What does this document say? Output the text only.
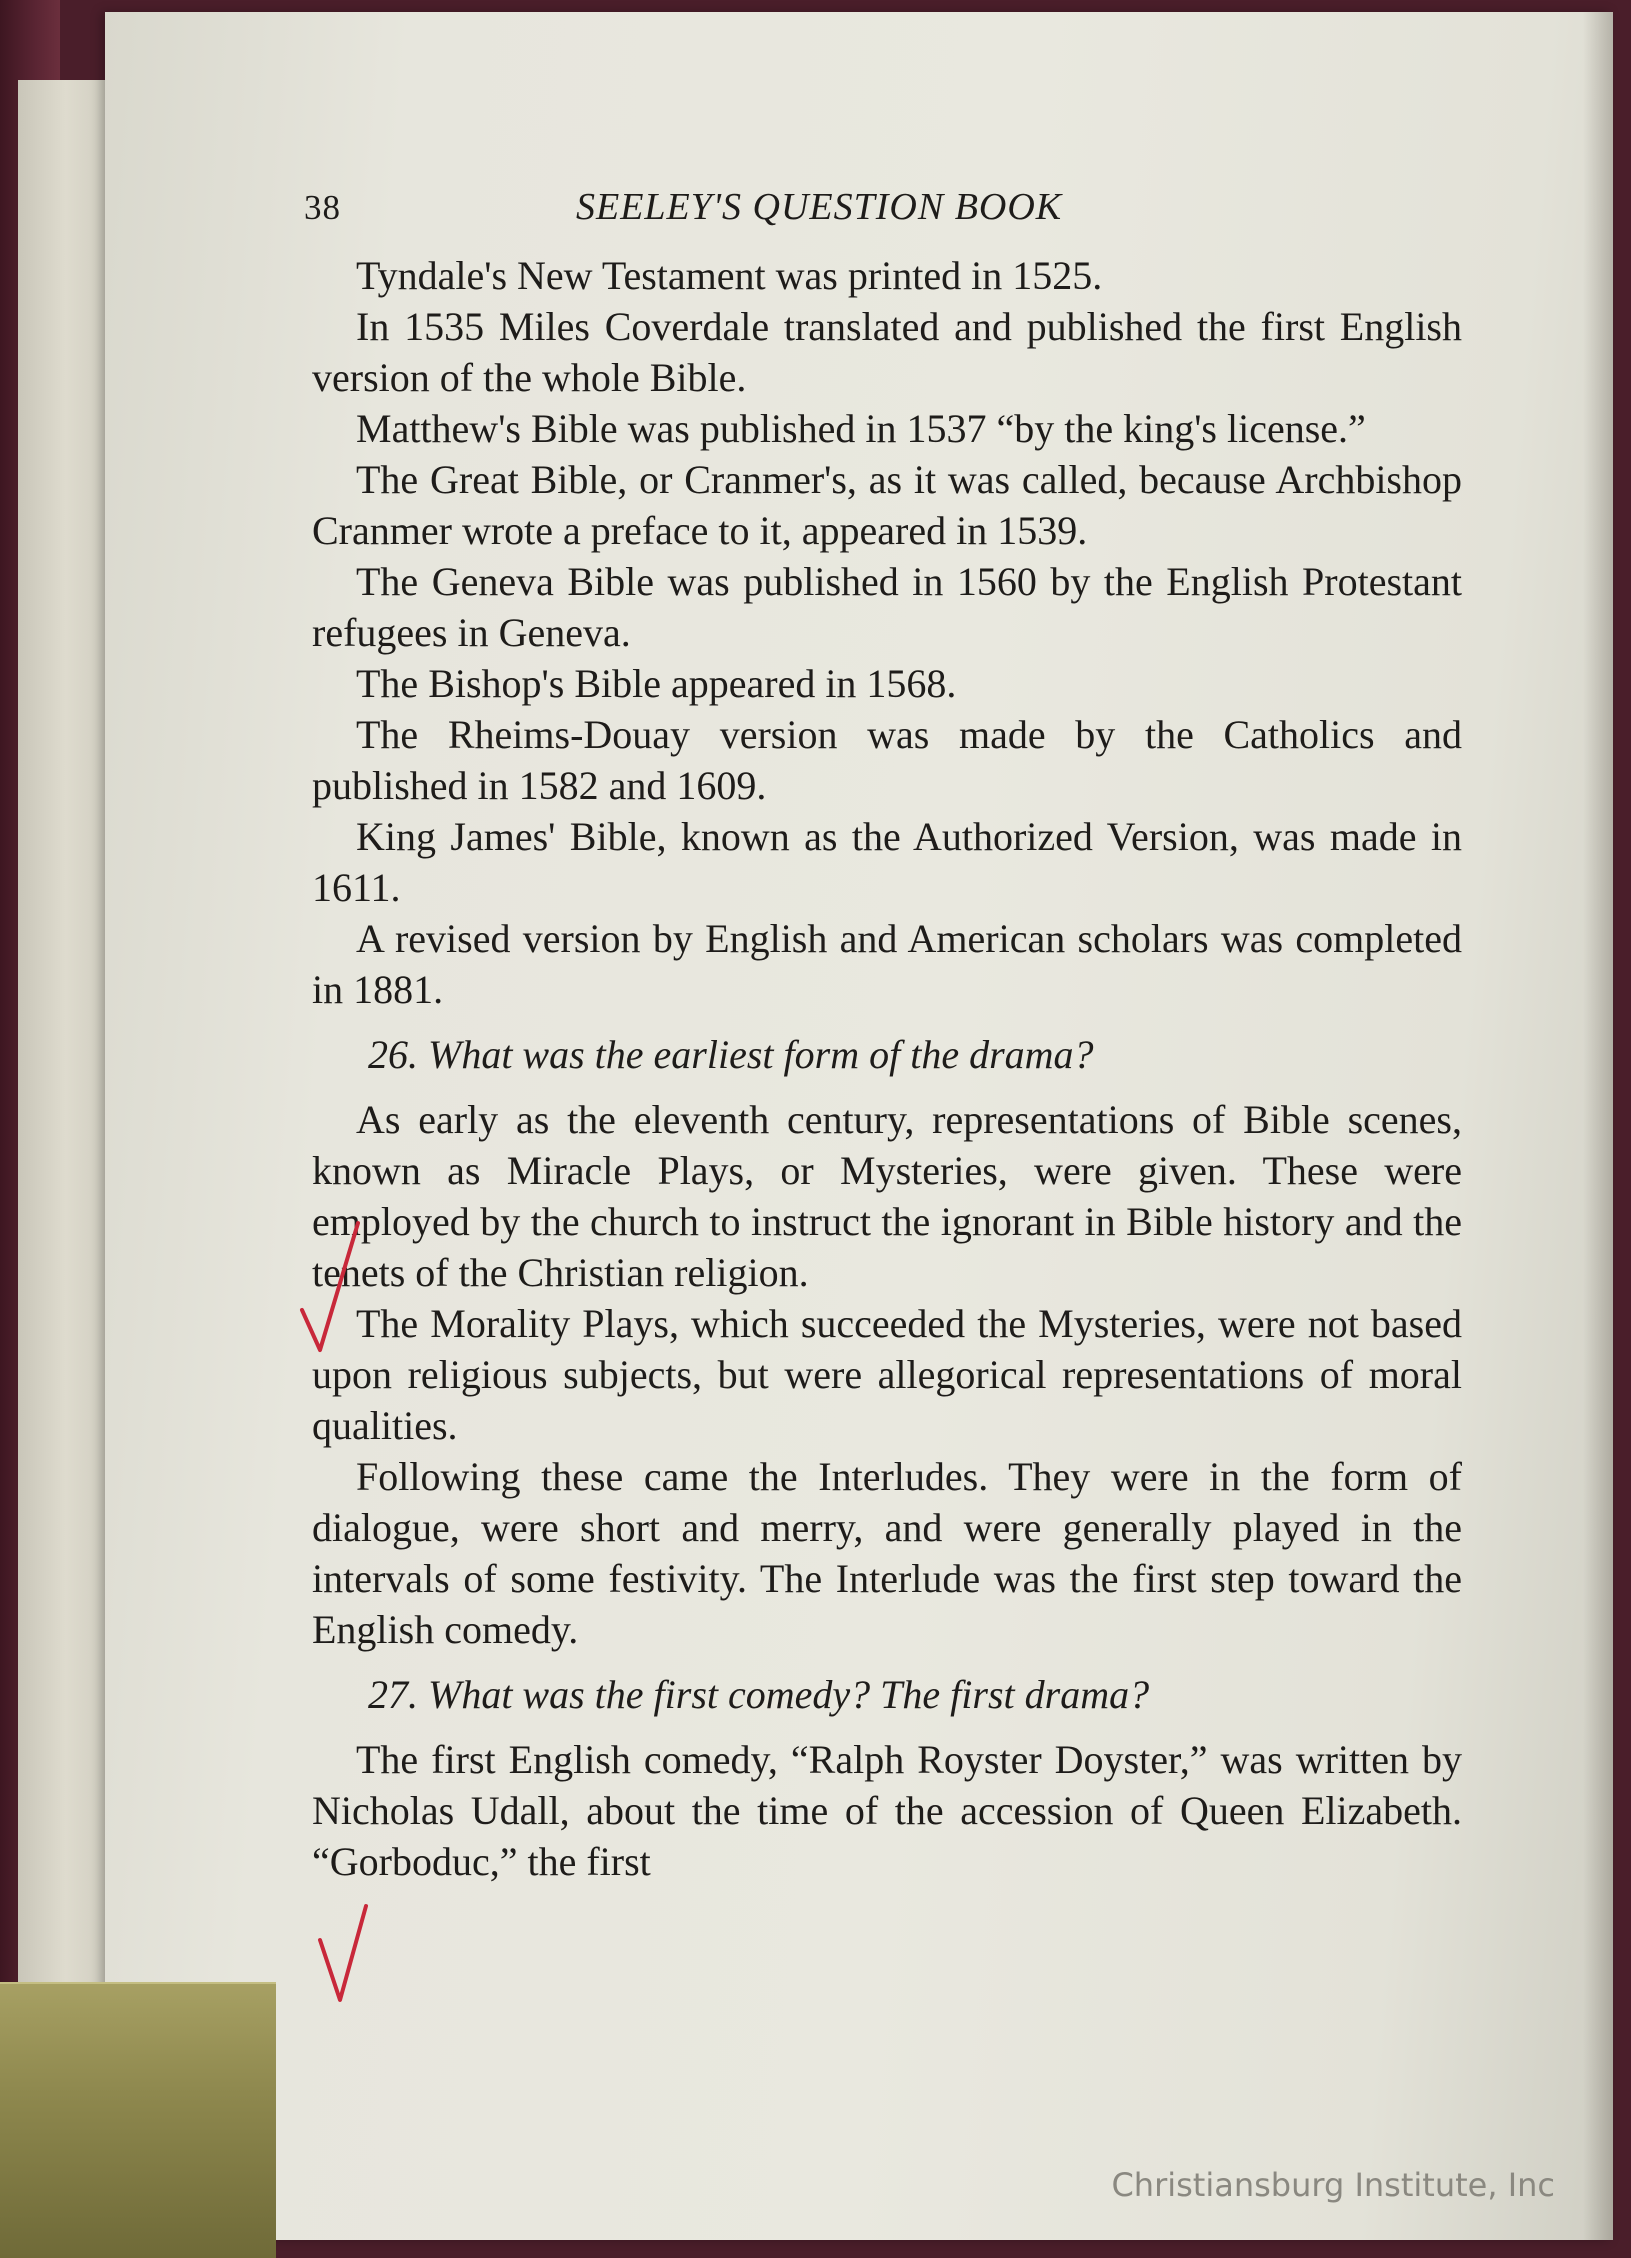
38	SEELEY'S QUESTION BOOK

Tyndale's New Testament was printed in 1525.

In 1535 Miles Coverdale translated and published the first English version of the whole Bible.

Matthew's Bible was published in 1537 “by the king's license.”

The Great Bible, or Cranmer's, as it was called, because Archbishop Cranmer wrote a preface to it, appeared in 1539.

The Geneva Bible was published in 1560 by the English Protestant refugees in Geneva.

The Bishop's Bible appeared in 1568.

The Rheims-Douay version was made by the Catholics and published in 1582 and 1609.

King James' Bible, known as the Authorized Version, was made in 1611.

A revised version by English and American scholars was completed in 1881.

26. What was the earliest form of the drama?

As early as the eleventh century, representations of Bible scenes, known as Miracle Plays, or Mysteries, were given. These were employed by the church to instruct the ignorant in Bible history and the tenets of the Christian religion.

The Morality Plays, which succeeded the Mysteries, were not based upon religious subjects, but were allegorical representations of moral qualities.

Following these came the Interludes. They were in the form of dialogue, were short and merry, and were generally played in the intervals of some festivity. The Interlude was the first step toward the English comedy.

27. What was the first comedy? The first drama?

The first English comedy, “Ralph Royster Doyster,” was written by Nicholas Udall, about the time of the accession of Queen Elizabeth. “Gorboduc,” the first

Christiansburg Institute, Inc
